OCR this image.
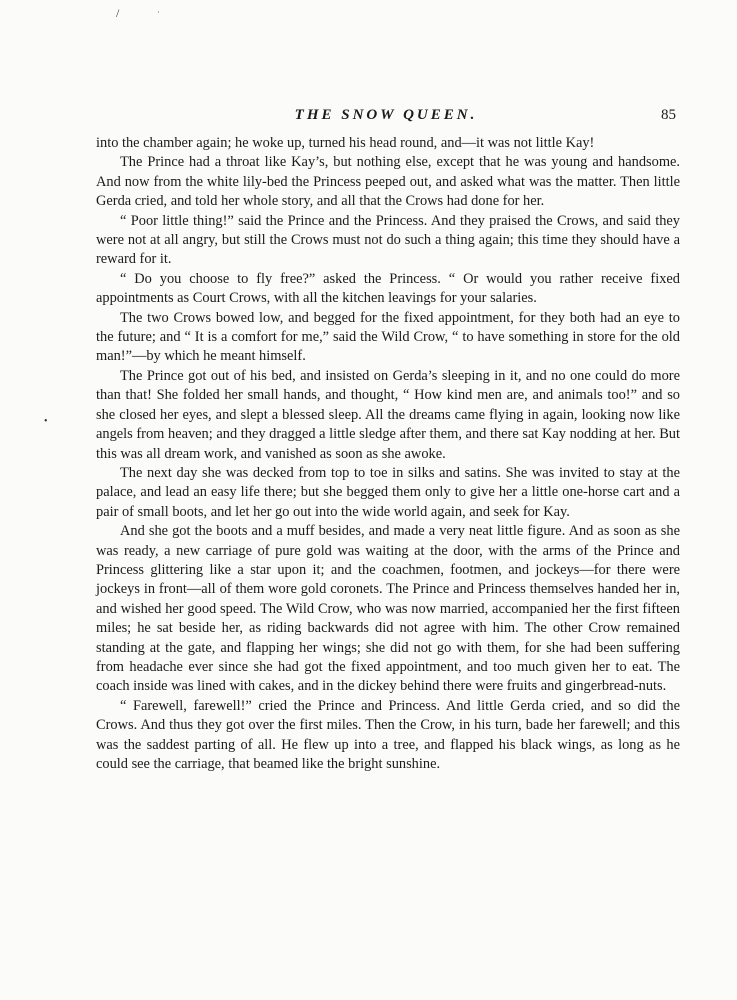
/	·
•
THE SNOW QUEEN.	85

into the chamber again; he woke up, turned his head round, and—it was not little Kay!

The Prince had a throat like Kay’s, but nothing else, except that he was young and handsome. And now from the white lily-bed the Princess peeped out, and asked what was the matter. Then little Gerda cried, and told her whole story, and all that the Crows had done for her.

“ Poor little thing!” said the Prince and the Princess. And they praised the Crows, and said they were not at all angry, but still the Crows must not do such a thing again; this time they should have a reward for it.

“ Do you choose to fly free?” asked the Princess. “ Or would you rather receive fixed appointments as Court Crows, with all the kitchen leavings for your salaries.

The two Crows bowed low, and begged for the fixed appointment, for they both had an eye to the future; and “ It is a comfort for me,” said the Wild Crow, “ to have something in store for the old man!”—by which he meant himself.

The Prince got out of his bed, and insisted on Gerda’s sleeping in it, and no one could do more than that! She folded her small hands, and thought, “ How kind men are, and animals too!” and so she closed her eyes, and slept a blessed sleep. All the dreams came flying in again, looking now like angels from heaven; and they dragged a little sledge after them, and there sat Kay nodding at her. But this was all dream work, and vanished as soon as she awoke.

The next day she was decked from top to toe in silks and satins. She was invited to stay at the palace, and lead an easy life there; but she begged them only to give her a little one-horse cart and a pair of small boots, and let her go out into the wide world again, and seek for Kay.

And she got the boots and a muff besides, and made a very neat little figure. And as soon as she was ready, a new carriage of pure gold was waiting at the door, with the arms of the Prince and Princess glittering like a star upon it; and the coachmen, footmen, and jockeys—for there were jockeys in front—all of them wore gold coronets. The Prince and Princess themselves handed her in, and wished her good speed. The Wild Crow, who was now married, accompanied her the first fifteen miles; he sat beside her, as riding backwards did not agree with him. The other Crow remained standing at the gate, and flapping her wings; she did not go with them, for she had been suffering from headache ever since she had got the fixed appointment, and too much given her to eat. The coach inside was lined with cakes, and in the dickey behind there were fruits and gingerbread-nuts.

“ Farewell, farewell!” cried the Prince and Princess. And little Gerda cried, and so did the Crows. And thus they got over the first miles. Then the Crow, in his turn, bade her farewell; and this was the saddest parting of all. He flew up into a tree, and flapped his black wings, as long as he could see the carriage, that beamed like the bright sunshine.
